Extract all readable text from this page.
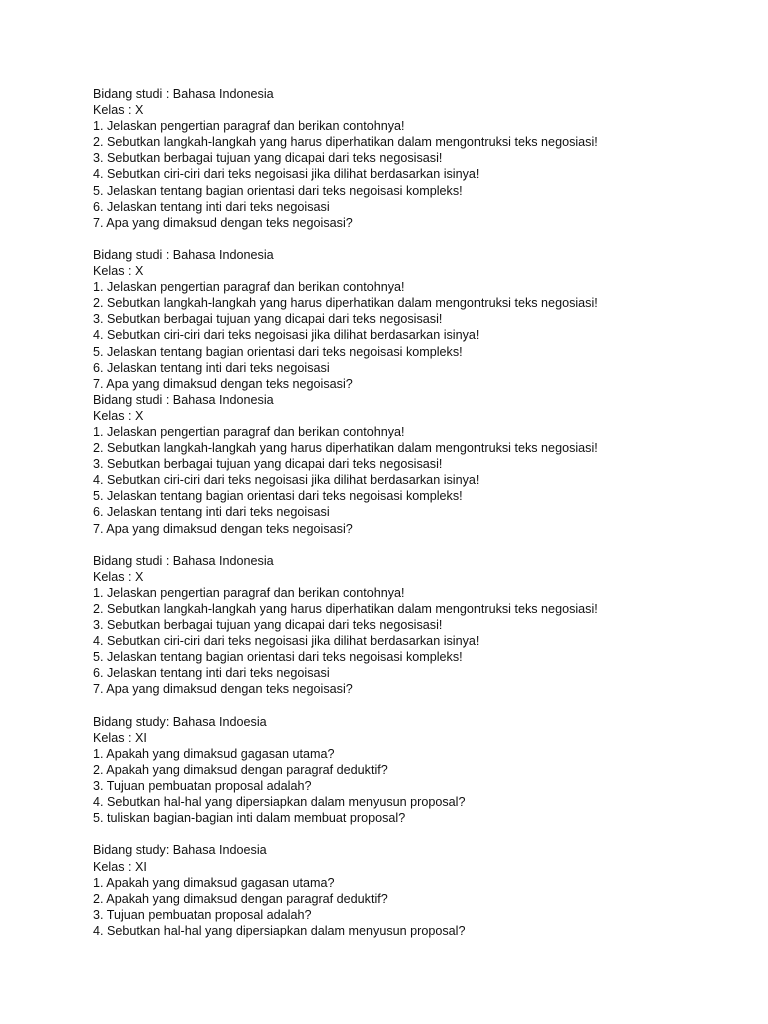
Bidang studi : Bahasa Indonesia
Kelas : X
1. Jelaskan pengertian paragraf dan berikan contohnya!
2. Sebutkan langkah-langkah yang harus diperhatikan dalam mengontruksi teks negosiasi!
3. Sebutkan berbagai tujuan yang dicapai dari teks negosisasi!
4. Sebutkan ciri-ciri dari teks negoisasi jika dilihat berdasarkan isinya!
5. Jelaskan tentang bagian orientasi dari teks negoisasi kompleks!
6. Jelaskan tentang inti dari teks negoisasi
7. Apa yang dimaksud dengan teks negoisasi?
Bidang studi : Bahasa Indonesia
Kelas : X
1. Jelaskan pengertian paragraf dan berikan contohnya!
2. Sebutkan langkah-langkah yang harus diperhatikan dalam mengontruksi teks negosiasi!
3. Sebutkan berbagai tujuan yang dicapai dari teks negosisasi!
4. Sebutkan ciri-ciri dari teks negoisasi jika dilihat berdasarkan isinya!
5. Jelaskan tentang bagian orientasi dari teks negoisasi kompleks!
6. Jelaskan tentang inti dari teks negoisasi
7. Apa yang dimaksud dengan teks negoisasi?
Bidang studi : Bahasa Indonesia
Kelas : X
1. Jelaskan pengertian paragraf dan berikan contohnya!
2. Sebutkan langkah-langkah yang harus diperhatikan dalam mengontruksi teks negosiasi!
3. Sebutkan berbagai tujuan yang dicapai dari teks negosisasi!
4. Sebutkan ciri-ciri dari teks negoisasi jika dilihat berdasarkan isinya!
5. Jelaskan tentang bagian orientasi dari teks negoisasi kompleks!
6. Jelaskan tentang inti dari teks negoisasi
7. Apa yang dimaksud dengan teks negoisasi?
Bidang studi : Bahasa Indonesia
Kelas : X
1. Jelaskan pengertian paragraf dan berikan contohnya!
2. Sebutkan langkah-langkah yang harus diperhatikan dalam mengontruksi teks negosiasi!
3. Sebutkan berbagai tujuan yang dicapai dari teks negosisasi!
4. Sebutkan ciri-ciri dari teks negoisasi jika dilihat berdasarkan isinya!
5. Jelaskan tentang bagian orientasi dari teks negoisasi kompleks!
6. Jelaskan tentang inti dari teks negoisasi
7. Apa yang dimaksud dengan teks negoisasi?
Bidang study: Bahasa Indoesia
Kelas : XI
1. Apakah yang dimaksud gagasan utama?
2. Apakah yang dimaksud dengan paragraf deduktif?
3. Tujuan pembuatan proposal adalah?
4. Sebutkan hal-hal yang dipersiapkan dalam menyusun proposal?
5. tuliskan bagian-bagian inti dalam membuat proposal?
Bidang study: Bahasa Indoesia
Kelas : XI
1. Apakah yang dimaksud gagasan utama?
2. Apakah yang dimaksud dengan paragraf deduktif?
3. Tujuan pembuatan proposal adalah?
4. Sebutkan hal-hal yang dipersiapkan dalam menyusun proposal?
